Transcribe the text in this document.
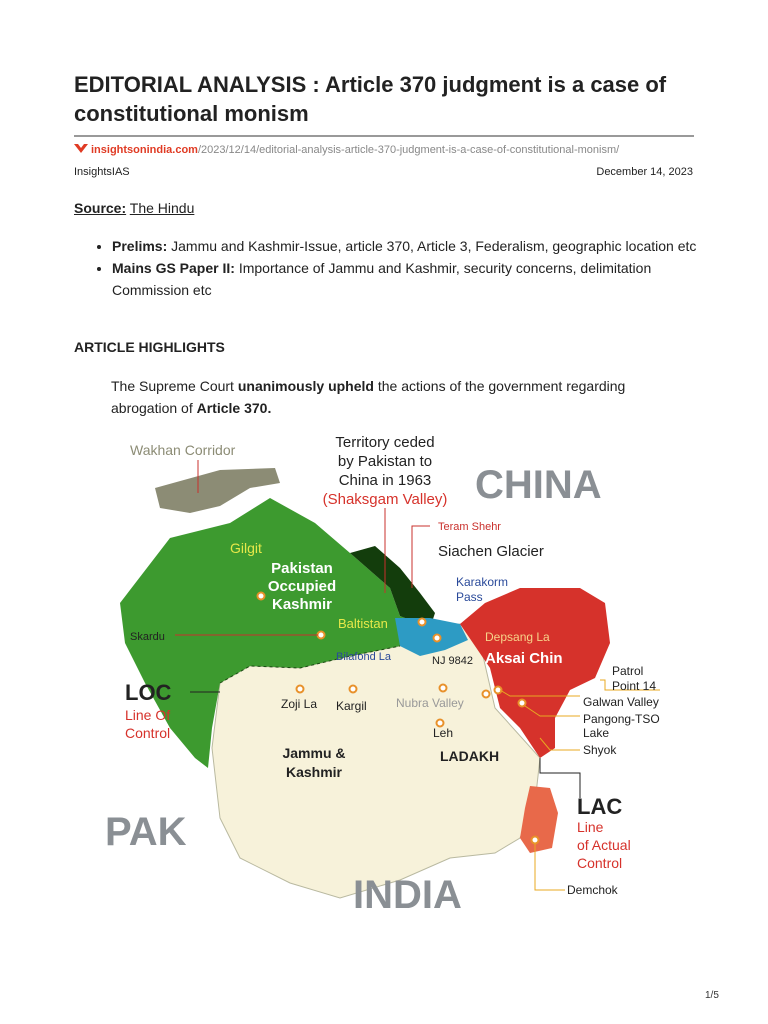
EDITORIAL ANALYSIS : Article 370 judgment is a case of constitutional monism
insightsonindia.com/2023/12/14/editorial-analysis-article-370-judgment-is-a-case-of-constitutional-monism/
InsightsIAS	December 14, 2023
Source: The Hindu
• Prelims: Jammu and Kashmir-Issue, article 370, Article 3, Federalism, geographic location etc
• Mains GS Paper II: Importance of Jammu and Kashmir, security concerns, delimitation Commission etc
ARTICLE HIGHLIGHTS
The Supreme Court unanimously upheld the actions of the government regarding abrogation of Article 370.
Wakhan Corridor	Territory ceded
by Pakistan to
China in 1963
(Shaksgam Valley) CHINA
Teram Shehr
Siachen Glacier
Karakorm
Pass
Gilgit
Pakistan
Occupied
Kashmir
Baltistan
Skardu	Depsang La
Aksai Chin
Bilafond La	NJ 9842
Patrol
Point 14
Galwan Valley
Pangong-TSO
Lake
Shyok
LOC
Line Of
Control
Zoji La Kargil Nubra Valley
Leh
Jammu &
Kashmir
LADAKH
LAC
Line
of Actual
Control
PAK
INDIA	Demchok
1/5
